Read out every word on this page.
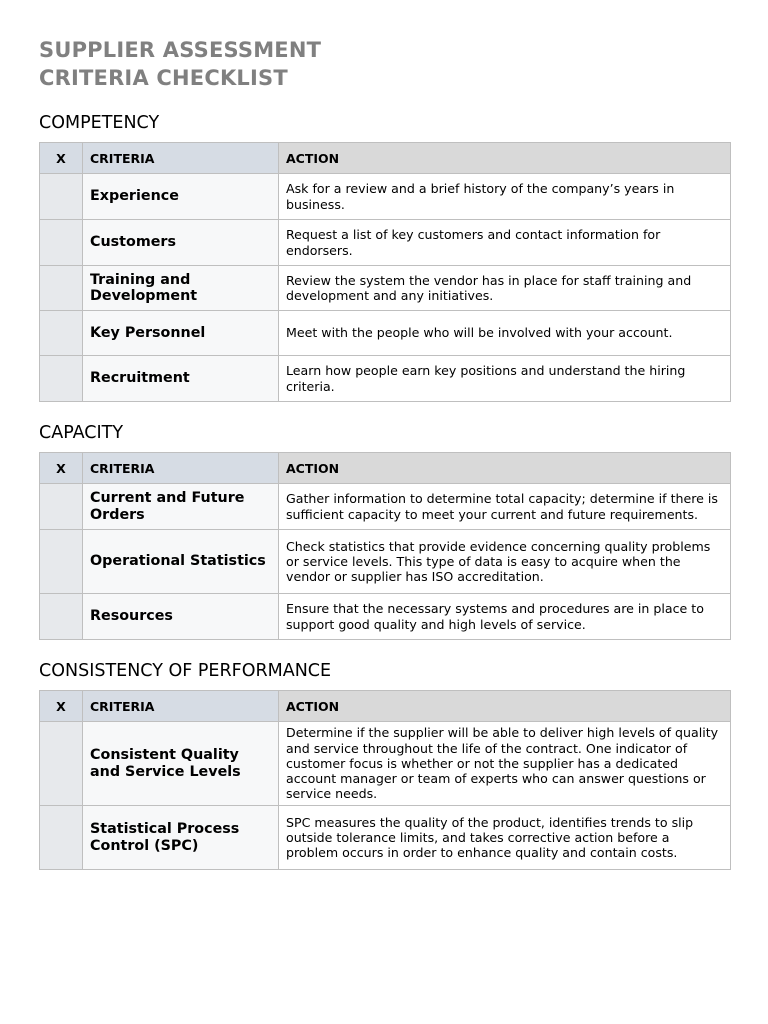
SUPPLIER ASSESSMENT
CRITERIA CHECKLIST
COMPETENCY
X	CRITERIA	ACTION
	Experience	Ask for a review and a brief history of the company’s years in business.
	Customers	Request a list of key customers and contact information for endorsers.
	Training and Development	Review the system the vendor has in place for staff training and development and any initiatives.
	Key Personnel	Meet with the people who will be involved with your account.
	Recruitment	Learn how people earn key positions and understand the hiring criteria.
CAPACITY
X	CRITERIA	ACTION
	Current and Future Orders	Gather information to determine total capacity; determine if there is sufficient capacity to meet your current and future requirements.
	Operational Statistics	Check statistics that provide evidence concerning quality problems or service levels. This type of data is easy to acquire when the vendor or supplier has ISO accreditation.
	Resources	Ensure that the necessary systems and procedures are in place to support good quality and high levels of service.
CONSISTENCY OF PERFORMANCE
X	CRITERIA	ACTION
	Consistent Quality and Service Levels	Determine if the supplier will be able to deliver high levels of quality and service throughout the life of the contract. One indicator of customer focus is whether or not the supplier has a dedicated account manager or team of experts who can answer questions or service needs.
	Statistical Process Control (SPC)	SPC measures the quality of the product, identifies trends to slip outside tolerance limits, and takes corrective action before a problem occurs in order to enhance quality and contain costs.
